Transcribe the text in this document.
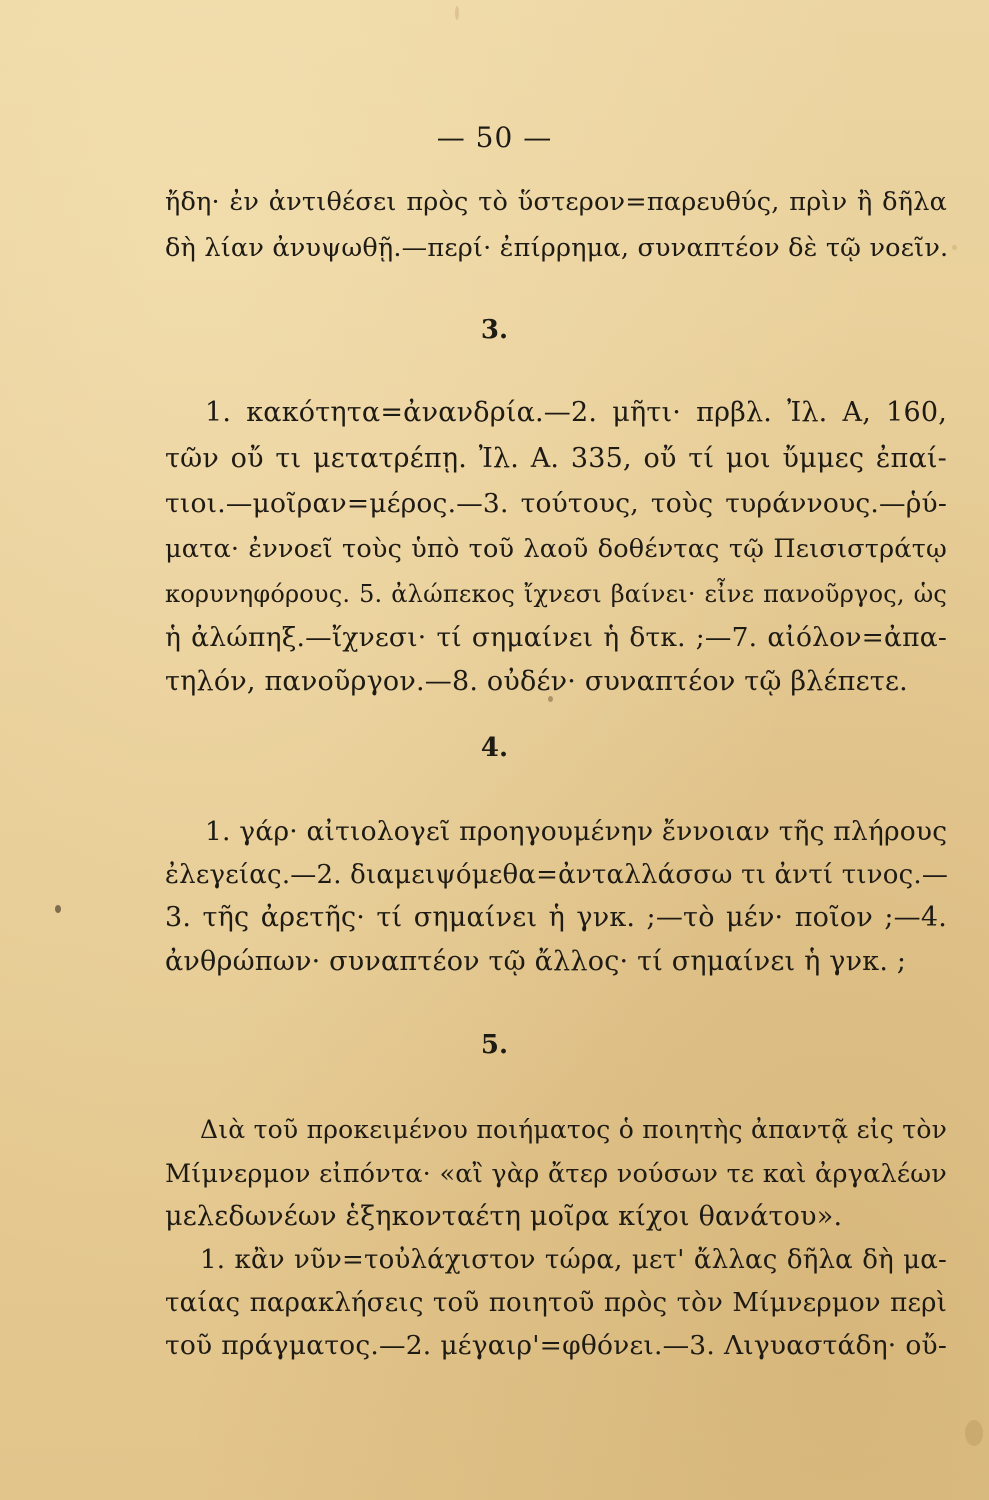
— 50 —
ἤδη· ἐν ἀντιθέσει πρὸς τὸ ὕστερον=παρευθύς, πρὶν ἢ δῆλα
δὴ λίαν ἀνυψωθῇ.—περί· ἐπίρρημα, συναπτέον δὲ τῷ νοεῖν.
3.
1. κακότητα=ἀνανδρία.—2. μῆτι· πρβλ. Ἰλ. Α, 160,
τῶν οὔ τι μετατρέπῃ. Ἰλ. Α. 335, οὔ τί μοι ὔμμες ἐπαί-
τιοι.—μοῖραν=μέρος.—3. τούτους, τοὺς τυράννους.—ῥύ-
ματα· ἐννοεῖ τοὺς ὑπὸ τοῦ λαοῦ δοθέντας τῷ Πεισιστράτῳ
κορυνηφόρους. 5. ἀλώπεκος ἴχνεσι βαίνει· εἶνε πανοῦργος, ὡς
ἡ ἀλώπηξ.—ἴχνεσι· τί σημαίνει ἡ δτκ. ;—7. αἰόλον=ἀπα-
τηλόν, πανοῦργον.—8. οὐδέν· συναπτέον τῷ βλέπετε.
4.
1. γάρ· αἰτιολογεῖ προηγουμένην ἔννοιαν τῆς πλήρους
ἐλεγείας.—2. διαμειψόμεθα=ἀνταλλάσσω τι ἀντί τινος.—
3. τῆς ἀρετῆς· τί σημαίνει ἡ γνκ. ;—τὸ μέν· ποῖον ;—4.
ἀνθρώπων· συναπτέον τῷ ἄλλος· τί σημαίνει ἡ γνκ. ;
5.
Διὰ τοῦ προκειμένου ποιήματος ὁ ποιητὴς ἀπαντᾷ εἰς τὸν
Μίμνερμον εἰπόντα· «αἲ γὰρ ἄτερ νούσων τε καὶ ἀργαλέων
μελεδωνέων ἑξηκονταέτη μοῖρα κίχοι θανάτου».
1. κἂν νῦν=τοὐλάχιστον τώρα, μετ' ἄλλας δῆλα δὴ μα-
ταίας παρακλήσεις τοῦ ποιητοῦ πρὸς τὸν Μίμνερμον περὶ
τοῦ πράγματος.—2. μέγαιρ'=φθόνει.—3. Λιγυαστάδη· οὔ-
